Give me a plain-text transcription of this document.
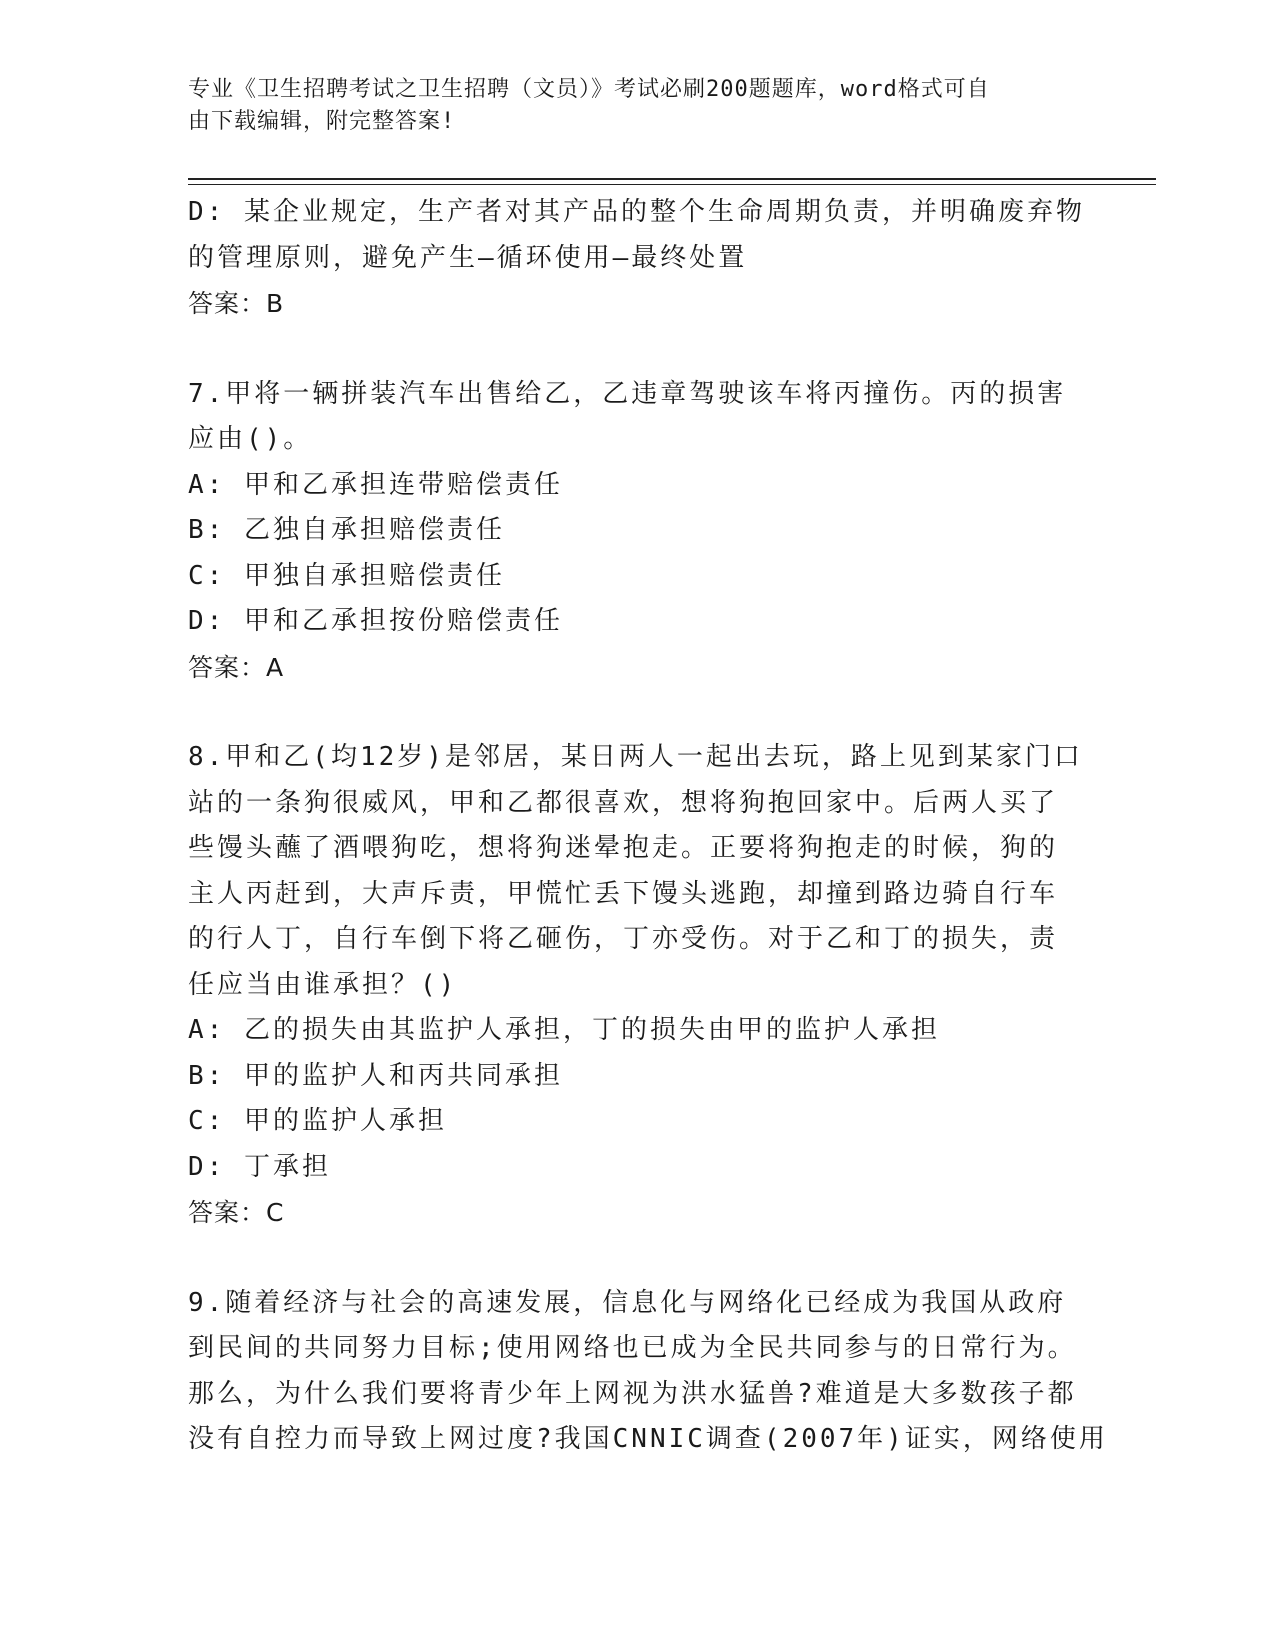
专业《卫生招聘考试之卫生招聘（文员）》考试必刷200题题库，word格式可自
由下载编辑，附完整答案!
D: 某企业规定，生产者对其产品的整个生命周期负责，并明确废弃物
的管理原则，避免产生—循环使用—最终处置
答案：B
7.甲将一辆拼装汽车出售给乙，乙违章驾驶该车将丙撞伤。丙的损害
应由()。
A: 甲和乙承担连带赔偿责任
B: 乙独自承担赔偿责任
C: 甲独自承担赔偿责任
D: 甲和乙承担按份赔偿责任
答案：A
8.甲和乙(均12岁)是邻居，某日两人一起出去玩，路上见到某家门口
站的一条狗很威风，甲和乙都很喜欢，想将狗抱回家中。后两人买了
些馒头蘸了酒喂狗吃，想将狗迷晕抱走。正要将狗抱走的时候，狗的
主人丙赶到，大声斥责，甲慌忙丢下馒头逃跑，却撞到路边骑自行车
的行人丁，自行车倒下将乙砸伤，丁亦受伤。对于乙和丁的损失，责
任应当由谁承担？()
A: 乙的损失由其监护人承担，丁的损失由甲的监护人承担
B: 甲的监护人和丙共同承担
C: 甲的监护人承担
D: 丁承担
答案：C
9.随着经济与社会的高速发展，信息化与网络化已经成为我国从政府
到民间的共同努力目标;使用网络也已成为全民共同参与的日常行为。
那么，为什么我们要将青少年上网视为洪水猛兽?难道是大多数孩子都
没有自控力而导致上网过度?我国CNNIC调查(2007年)证实，网络使用
